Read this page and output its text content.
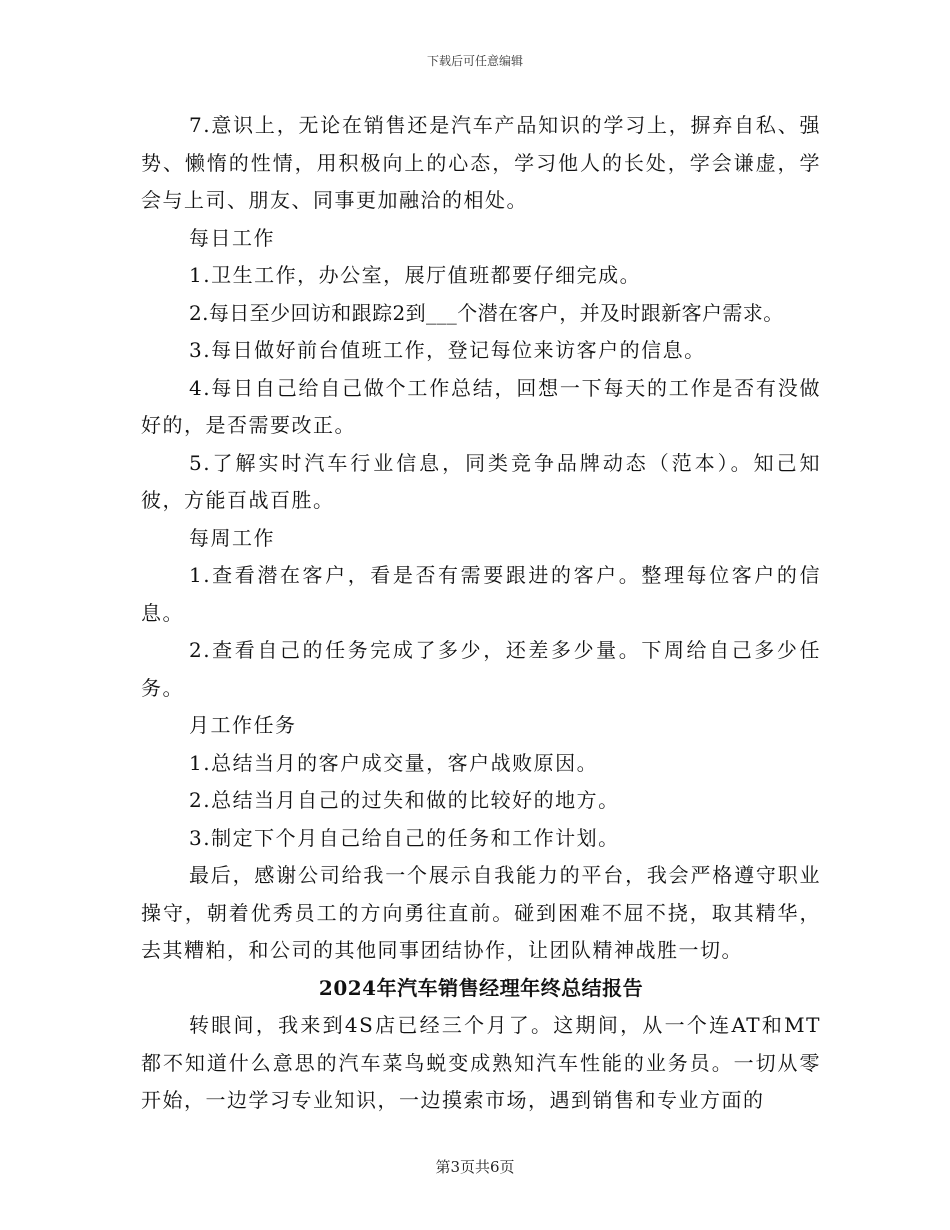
下载后可任意编辑

7.意识上，无论在销售还是汽车产品知识的学习上，摒弃自私、强势、懒惰的性情，用积极向上的心态，学习他人的长处，学会谦虚，学会与上司、朋友、同事更加融洽的相处。

每日工作

1.卫生工作，办公室，展厅值班都要仔细完成。

2.每日至少回访和跟踪2到___个潜在客户，并及时跟新客户需求。

3.每日做好前台值班工作，登记每位来访客户的信息。

4.每日自己给自己做个工作总结，回想一下每天的工作是否有没做好的，是否需要改正。

5.了解实时汽车行业信息，同类竞争品牌动态（范本）。知己知彼，方能百战百胜。

每周工作

1.查看潜在客户，看是否有需要跟进的客户。整理每位客户的信息。

2.查看自己的任务完成了多少，还差多少量。下周给自己多少任务。

月工作任务

1.总结当月的客户成交量，客户战败原因。

2.总结当月自己的过失和做的比较好的地方。

3.制定下个月自己给自己的任务和工作计划。

最后，感谢公司给我一个展示自我能力的平台，我会严格遵守职业操守，朝着优秀员工的方向勇往直前。碰到困难不屈不挠，取其精华，去其糟粕，和公司的其他同事团结协作，让团队精神战胜一切。

2024年汽车销售经理年终总结报告

转眼间，我来到4S店已经三个月了。这期间，从一个连AT和MT都不知道什么意思的汽车菜鸟蜕变成熟知汽车性能的业务员。一切从零开始，一边学习专业知识，一边摸索市场，遇到销售和专业方面的

第3页共6页
